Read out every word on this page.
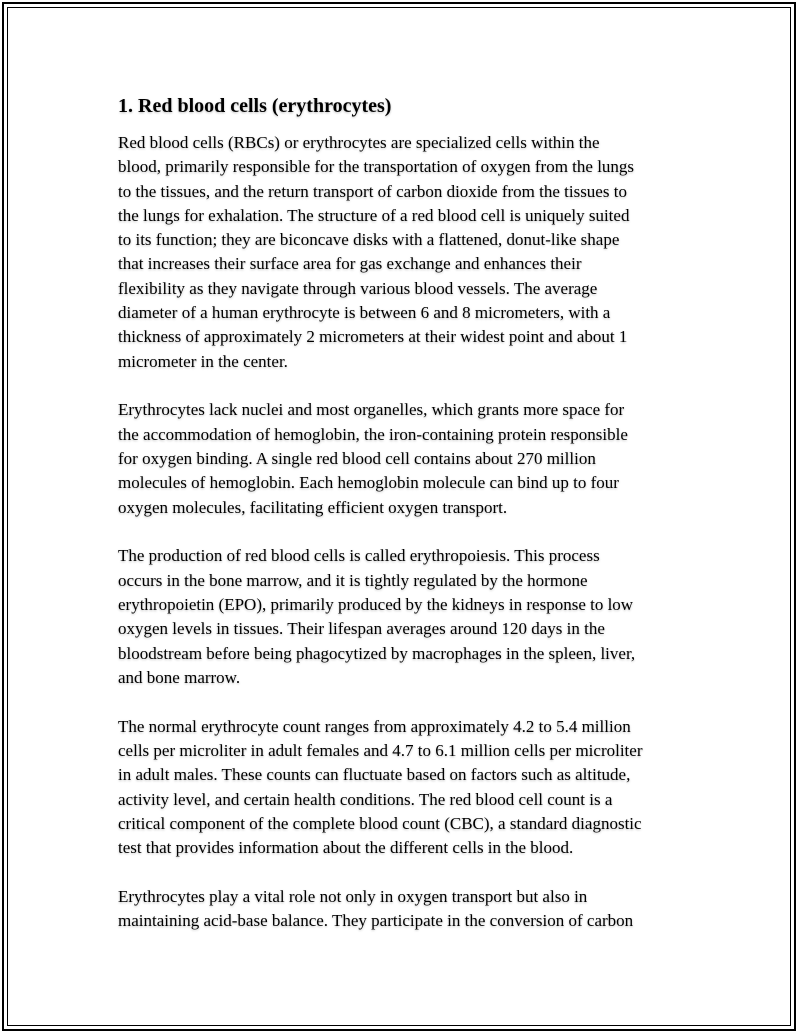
1. Red blood cells (erythrocytes)

Red blood cells (RBCs) or erythrocytes are specialized cells within the
blood, primarily responsible for the transportation of oxygen from the lungs
to the tissues, and the return transport of carbon dioxide from the tissues to
the lungs for exhalation. The structure of a red blood cell is uniquely suited
to its function; they are biconcave disks with a flattened, donut-like shape
that increases their surface area for gas exchange and enhances their
flexibility as they navigate through various blood vessels. The average
diameter of a human erythrocyte is between 6 and 8 micrometers, with a
thickness of approximately 2 micrometers at their widest point and about 1
micrometer in the center.

Erythrocytes lack nuclei and most organelles, which grants more space for
the accommodation of hemoglobin, the iron-containing protein responsible
for oxygen binding. A single red blood cell contains about 270 million
molecules of hemoglobin. Each hemoglobin molecule can bind up to four
oxygen molecules, facilitating efficient oxygen transport.

The production of red blood cells is called erythropoiesis. This process
occurs in the bone marrow, and it is tightly regulated by the hormone
erythropoietin (EPO), primarily produced by the kidneys in response to low
oxygen levels in tissues. Their lifespan averages around 120 days in the
bloodstream before being phagocytized by macrophages in the spleen, liver,
and bone marrow.

The normal erythrocyte count ranges from approximately 4.2 to 5.4 million
cells per microliter in adult females and 4.7 to 6.1 million cells per microliter
in adult males. These counts can fluctuate based on factors such as altitude,
activity level, and certain health conditions. The red blood cell count is a
critical component of the complete blood count (CBC), a standard diagnostic
test that provides information about the different cells in the blood.

Erythrocytes play a vital role not only in oxygen transport but also in
maintaining acid-base balance. They participate in the conversion of carbon
